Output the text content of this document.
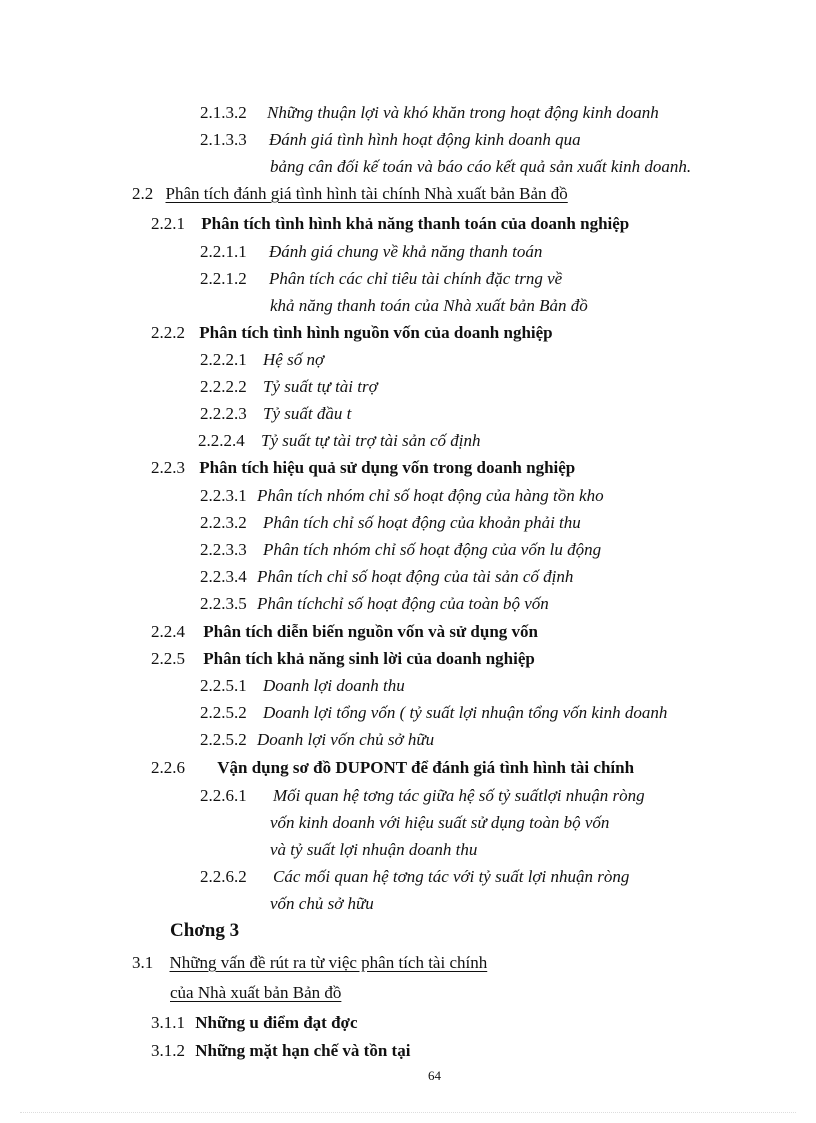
2.1.3.2 Những thuận lợi và khó khăn trong hoạt động kinh doanh
2.1.3.3 Đánh giá tình hình hoạt động kinh doanh qua
bảng cân đối kế toán và báo cáo kết quả sản xuất kinh doanh.
2.2 Phân tích đánh giá tình hình tài chính Nhà xuất bản Bản đồ
2.2.1 Phân tích tình hình khả năng thanh toán của doanh nghiệp
2.2.1.1 Đánh giá chung về khả năng thanh toán
2.2.1.2 Phân tích các chỉ tiêu tài chính đặc trng về
khả năng thanh toán của Nhà xuất bản Bản đồ
2.2.2 Phân tích tình hình nguồn vốn của doanh nghiệp
2.2.2.1 Hệ số nợ
2.2.2.2 Tỷ suất tự tài trợ
2.2.2.3 Tỷ suất đầu t
2.2.2.4 Tỷ suất tự tài trợ tài sản cố định
2.2.3 Phân tích hiệu quả sử dụng vốn trong doanh nghiệp
2.2.3.1 Phân tích nhóm chỉ số hoạt động của hàng tồn kho
2.2.3.2 Phân tích chỉ số hoạt động của khoản phải thu
2.2.3.3 Phân tích nhóm chỉ số hoạt động của vốn lu động
2.2.3.4 Phân tích chỉ số hoạt động của tài sản cố định
2.2.3.5 Phân tíchchỉ số hoạt động của toàn bộ vốn
2.2.4 Phân tích diễn biến nguồn vốn và sử dụng vốn
2.2.5 Phân tích khả năng sinh lời của doanh nghiệp
2.2.5.1 Doanh lợi doanh thu
2.2.5.2 Doanh lợi tổng vốn ( tỷ suất lợi nhuận tổng vốn kinh doanh
2.2.5.2 Doanh lợi vốn chủ sở hữu
2.2.6 Vận dụng sơ đồ DUPONT để đánh giá tình hình tài chính
2.2.6.1 Mối quan hệ tơng tác giữa hệ số tỷ suấtlợi nhuận ròng
vốn kinh doanh với hiệu suất sử dụng toàn bộ vốn
và tỷ suất lợi nhuận doanh thu
2.2.6.2 Các mối quan hệ tơng tác với tỷ suất lợi nhuận ròng
vốn chủ sở hữu
Chơng 3
3.1 Những vấn đề rút ra từ việc phân tích tài chính
của Nhà xuất bản Bản đồ
3.1.1 Những u điểm đạt đợc
3.1.2 Những mặt hạn chế và tồn tại
64
